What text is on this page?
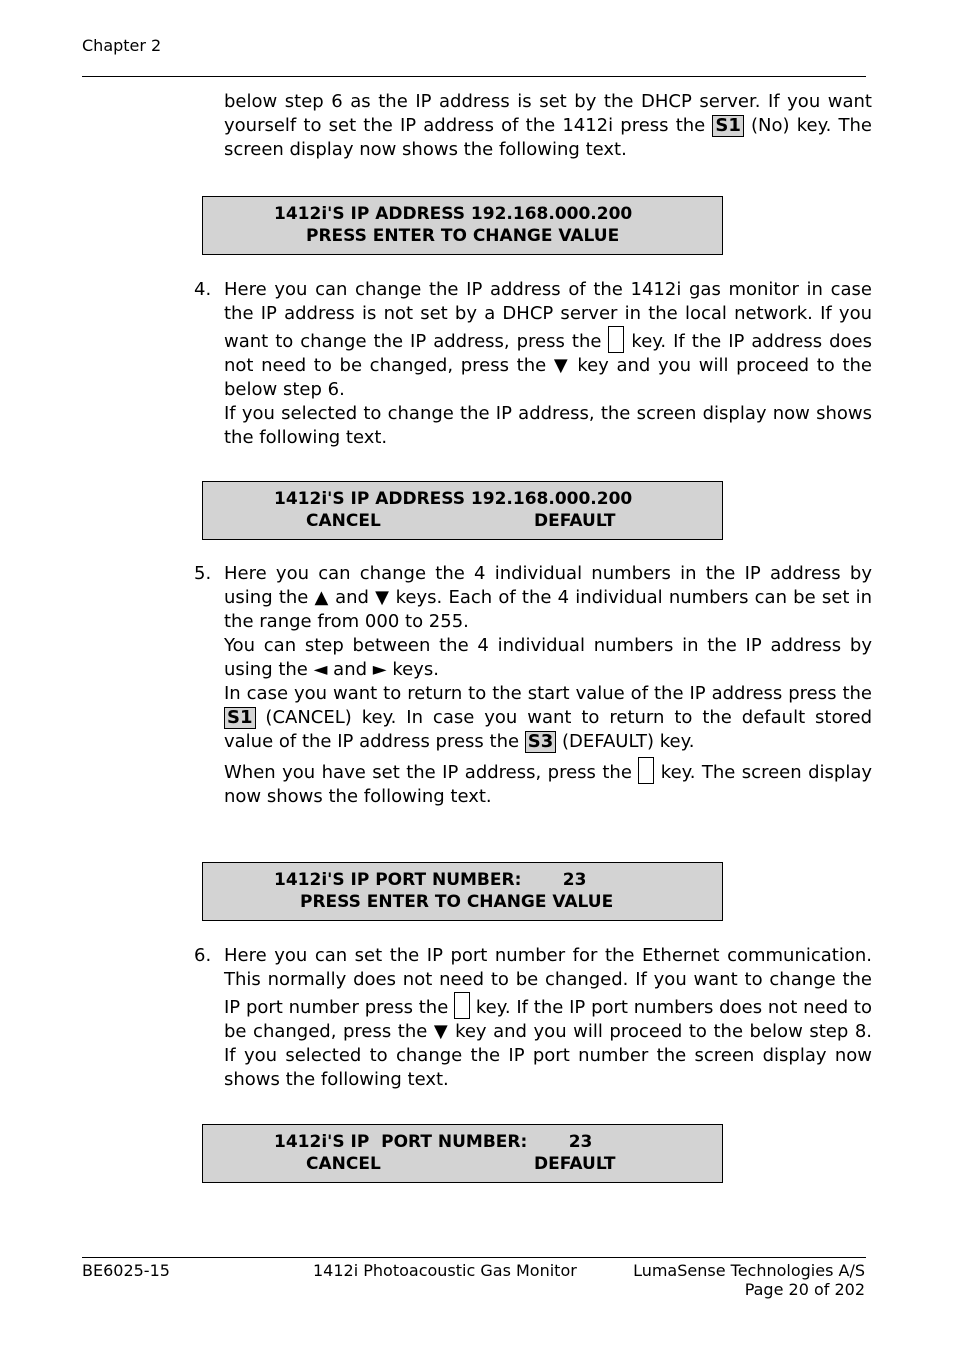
Chapter 2
below step 6 as the IP address is set by the DHCP server. If you want yourself to set the IP address of the 1412i press the S1 (No) key. The screen display now shows the following text.
1412i'S IP ADDRESS 192.168.000.200
PRESS ENTER TO CHANGE VALUE
4. Here you can change the IP address of the 1412i gas monitor in case the IP address is not set by a DHCP server in the local network. If you want to change the IP address, press the  key. If the IP address does not need to be changed, press the ▼ key and you will proceed to the below step 6.

If you selected to change the IP address, the screen display now shows the following text.

1412i'S IP ADDRESS 192.168.000.200
CANCEL	DEFAULT
5. Here you can change the 4 individual numbers in the IP address by using the ▲ and ▼ keys. Each of the 4 individual numbers can be set in the range from 000 to 255.

You can step between the 4 individual numbers in the IP address by using the ◄ and ► keys.

In case you want to return to the start value of the IP address press the S1 (CANCEL) key. In case you want to return to the default stored value of the IP address press the S3 (DEFAULT) key.

When you have set the IP address, press the  key. The screen display now shows the following text.

1412i'S IP PORT NUMBER:       23
PRESS ENTER TO CHANGE VALUE
6. Here you can set the IP port number for the Ethernet communication. This normally does not need to be changed. If you want to change the IP port number press the  key. If the IP port numbers does not need to be changed, press the ▼ key and you will proceed to the below step 8. If you selected to change the IP port number the screen display now shows the following text.

1412i'S IP  PORT NUMBER:       23
CANCEL	DEFAULT
BE6025-15	1412i Photoacoustic Gas Monitor	LumaSense Technologies A/S
Page 20 of 202
